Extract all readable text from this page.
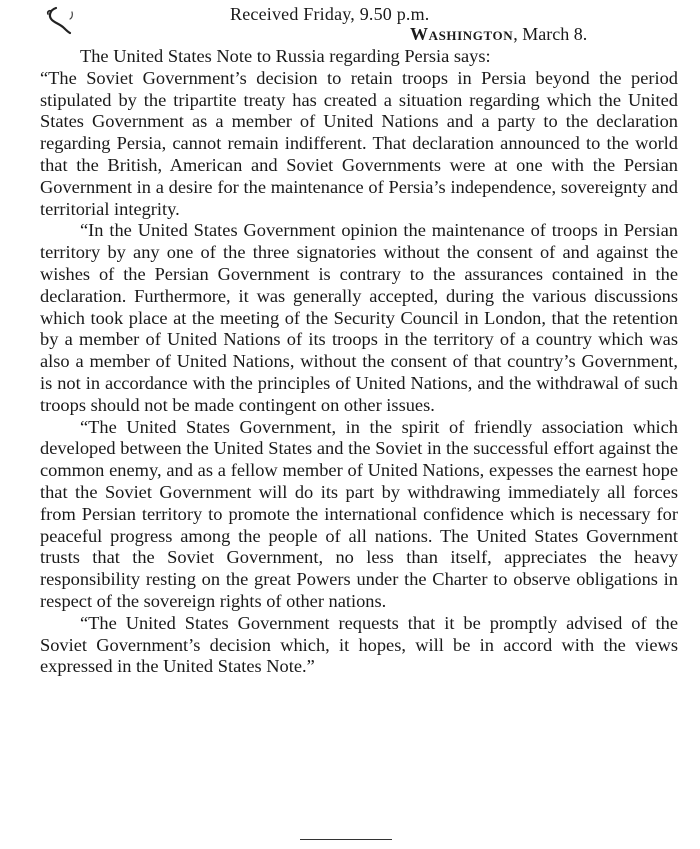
Received Friday, 9.50 p.m.
Washington, March 8.

The United States Note to Russia regarding Persia says:

“The Soviet Government’s decision to retain troops in Persia beyond the period stipulated by the tripartite treaty has created a situation regarding which the United States Government as a member of United Nations and a party to the declaration regarding Persia, cannot remain indifferent. That declaration announced to the world that the British, American and Soviet Governments were at one with the Persian Government in a desire for the maintenance of Persia’s independence, sovereignty and territorial integrity.

“In the United States Government opinion the maintenance of troops in Persian territory by any one of the three signatories without the consent of and against the wishes of the Persian Government is contrary to the assurances contained in the declaration. Furthermore, it was generally accepted, during the various discussions which took place at the meeting of the Security Council in London, that the retention by a member of United Nations of its troops in the territory of a country which was also a member of United Nations, without the consent of that country’s Government, is not in accordance with the principles of United Nations, and the withdrawal of such troops should not be made contingent on other issues.

“The United States Government, in the spirit of friendly association which developed between the United States and the Soviet in the successful effort against the common enemy, and as a fellow member of United Nations, expesses the earnest hope that the Soviet Government will do its part by withdrawing immediately all forces from Persian territory to promote the international confidence which is necessary for peaceful progress among the people of all nations. The United States Government trusts that the Soviet Government, no less than itself, appreciates the heavy responsibility resting on the great Powers under the Charter to observe obligations in respect of the sovereign rights of other nations.

“The United States Government requests that it be promptly advised of the Soviet Government’s decision which, it hopes, will be in accord with the views expressed in the United States Note.”
